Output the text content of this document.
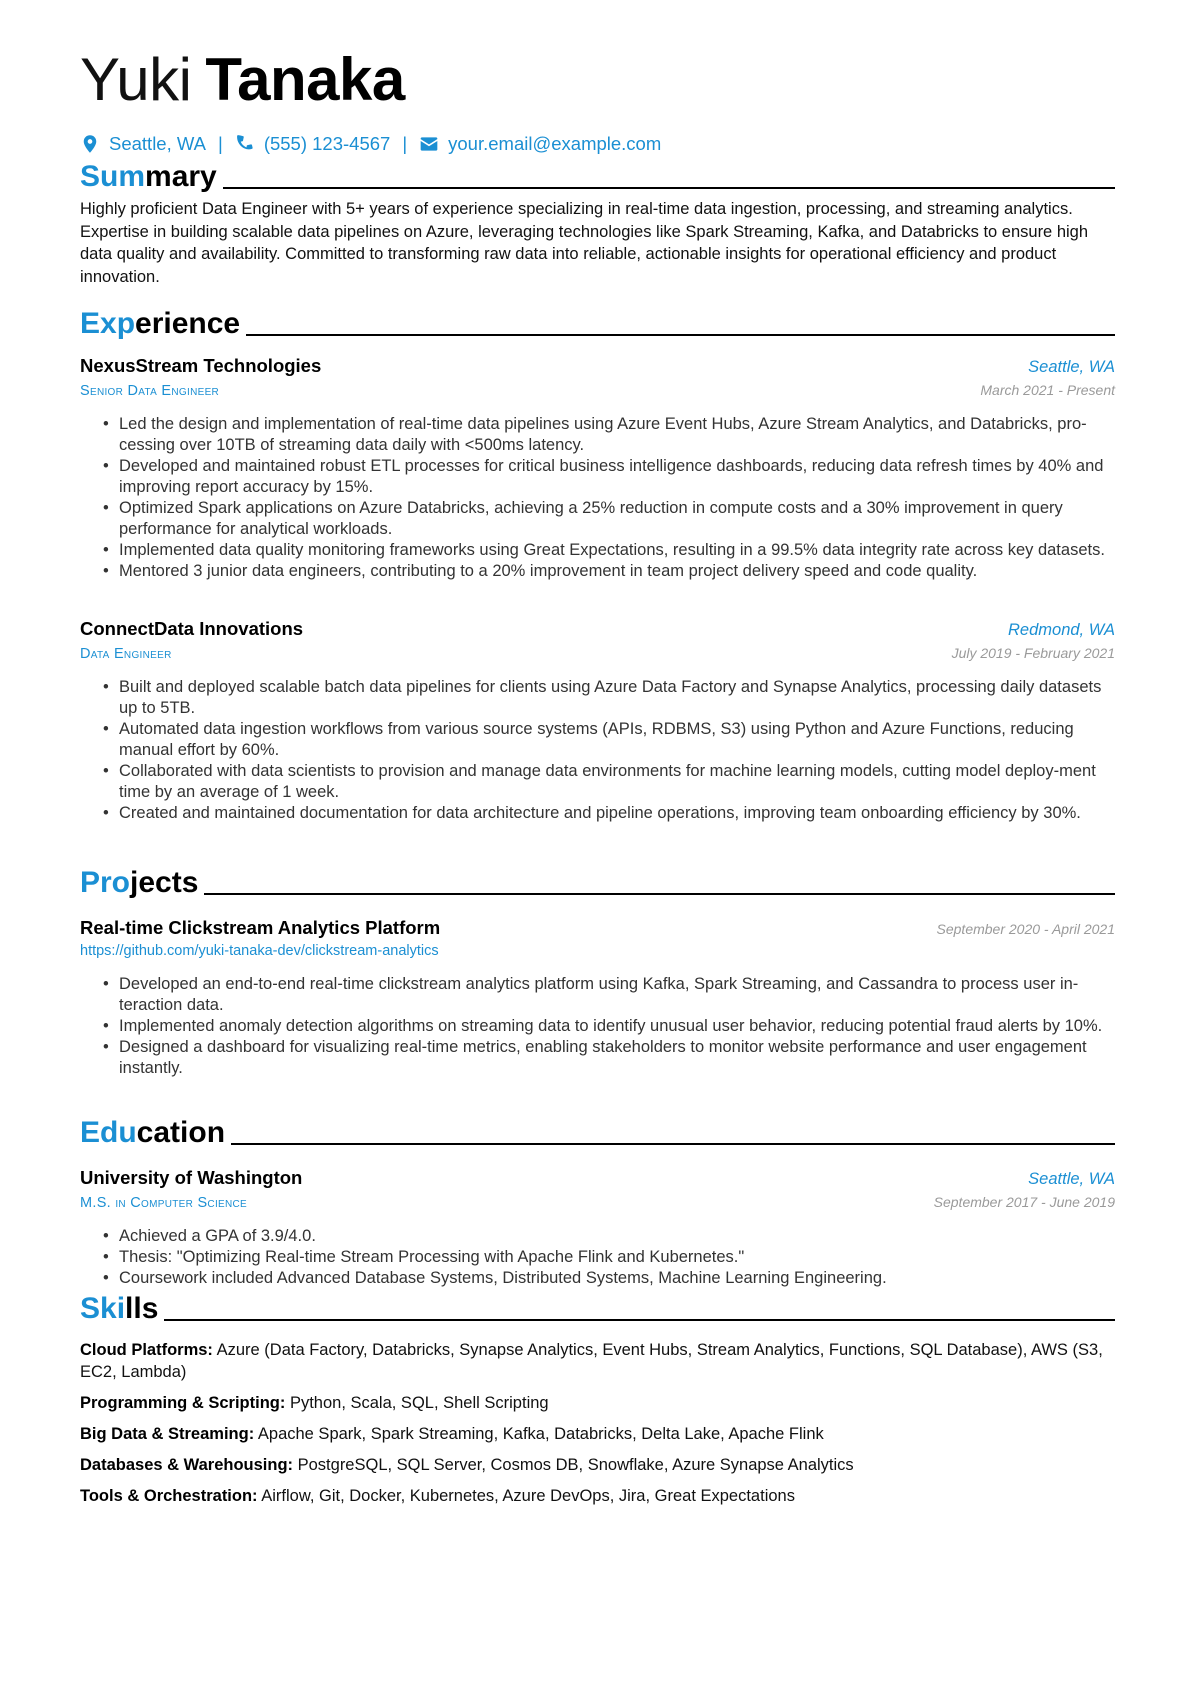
Yuki Tanaka
Seattle, WA | (555) 123-4567 | your.email@example.com
Summary
Highly proficient Data Engineer with 5+ years of experience specializing in real-time data ingestion, processing, and streaming analytics. Expertise in building scalable data pipelines on Azure, leveraging technologies like Spark Streaming, Kafka, and Databricks to ensure high data quality and availability. Committed to transforming raw data into reliable, actionable insights for operational efficiency and product innovation.
Experience
NexusStream Technologies	Seattle, WA
Senior Data Engineer	March 2021 - Present
• Led the design and implementation of real-time data pipelines using Azure Event Hubs, Azure Stream Analytics, and Databricks, pro-cessing over 10TB of streaming data daily with <500ms latency.
• Developed and maintained robust ETL processes for critical business intelligence dashboards, reducing data refresh times by 40% and improving report accuracy by 15%.
• Optimized Spark applications on Azure Databricks, achieving a 25% reduction in compute costs and a 30% improvement in query performance for analytical workloads.
• Implemented data quality monitoring frameworks using Great Expectations, resulting in a 99.5% data integrity rate across key datasets.
• Mentored 3 junior data engineers, contributing to a 20% improvement in team project delivery speed and code quality.
ConnectData Innovations	Redmond, WA
Data Engineer	July 2019 - February 2021
• Built and deployed scalable batch data pipelines for clients using Azure Data Factory and Synapse Analytics, processing daily datasets up to 5TB.
• Automated data ingestion workflows from various source systems (APIs, RDBMS, S3) using Python and Azure Functions, reducing manual effort by 60%.
• Collaborated with data scientists to provision and manage data environments for machine learning models, cutting model deploy-ment time by an average of 1 week.
• Created and maintained documentation for data architecture and pipeline operations, improving team onboarding efficiency by 30%.
Projects
Real-time Clickstream Analytics Platform	September 2020 - April 2021
https://github.com/yuki-tanaka-dev/clickstream-analytics
• Developed an end-to-end real-time clickstream analytics platform using Kafka, Spark Streaming, and Cassandra to process user in-teraction data.
• Implemented anomaly detection algorithms on streaming data to identify unusual user behavior, reducing potential fraud alerts by 10%.
• Designed a dashboard for visualizing real-time metrics, enabling stakeholders to monitor website performance and user engagement instantly.
Education
University of Washington	Seattle, WA
M.S. in Computer Science	September 2017 - June 2019
• Achieved a GPA of 3.9/4.0.
• Thesis: "Optimizing Real-time Stream Processing with Apache Flink and Kubernetes."
• Coursework included Advanced Database Systems, Distributed Systems, Machine Learning Engineering.
Skills
Cloud Platforms: Azure (Data Factory, Databricks, Synapse Analytics, Event Hubs, Stream Analytics, Functions, SQL Database), AWS (S3, EC2, Lambda)
Programming & Scripting: Python, Scala, SQL, Shell Scripting
Big Data & Streaming: Apache Spark, Spark Streaming, Kafka, Databricks, Delta Lake, Apache Flink
Databases & Warehousing: PostgreSQL, SQL Server, Cosmos DB, Snowflake, Azure Synapse Analytics
Tools & Orchestration: Airflow, Git, Docker, Kubernetes, Azure DevOps, Jira, Great Expectations
